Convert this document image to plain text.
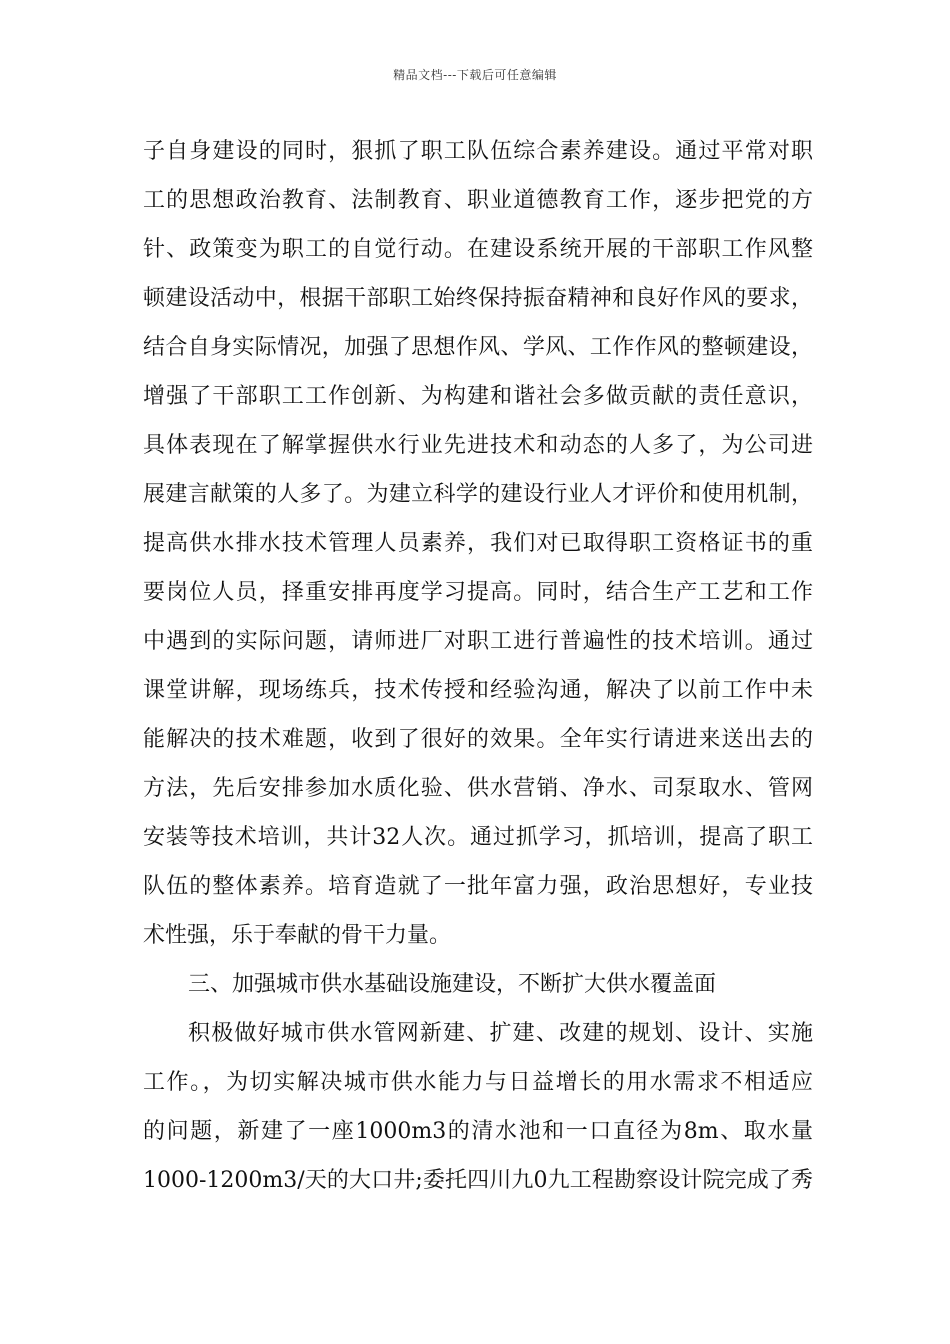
精品文档---下载后可任意编辑
子自身建设的同时，狠抓了职工队伍综合素养建设。通过平常对职
工的思想政治教育、法制教育、职业道德教育工作，逐步把党的方
针、政策变为职工的自觉行动。在建设系统开展的干部职工作风整
顿建设活动中，根据干部职工始终保持振奋精神和良好作风的要求，
结合自身实际情况，加强了思想作风、学风、工作作风的整顿建设，
增强了干部职工工作创新、为构建和谐社会多做贡献的责任意识，
具体表现在了解掌握供水行业先进技术和动态的人多了，为公司进
展建言献策的人多了。为建立科学的建设行业人才评价和使用机制，
提高供水排水技术管理人员素养，我们对已取得职工资格证书的重
要岗位人员，择重安排再度学习提高。同时，结合生产工艺和工作
中遇到的实际问题，请师进厂对职工进行普遍性的技术培训。通过
课堂讲解，现场练兵，技术传授和经验沟通，解决了以前工作中未
能解决的技术难题，收到了很好的效果。全年实行请进来送出去的
方法，先后安排参加水质化验、供水营销、净水、司泵取水、管网
安装等技术培训，共计32人次。通过抓学习，抓培训，提高了职工
队伍的整体素养。培育造就了一批年富力强，政治思想好，专业技
术性强，乐于奉献的骨干力量。
三、加强城市供水基础设施建设，不断扩大供水覆盖面
积极做好城市供水管网新建、扩建、改建的规划、设计、实施
工作。，为切实解决城市供水能力与日益增长的用水需求不相适应
的问题，新建了一座1000m3的清水池和一口直径为8m、取水量
1000-1200m3/天的大口井;委托四川九0九工程勘察设计院完成了秀
